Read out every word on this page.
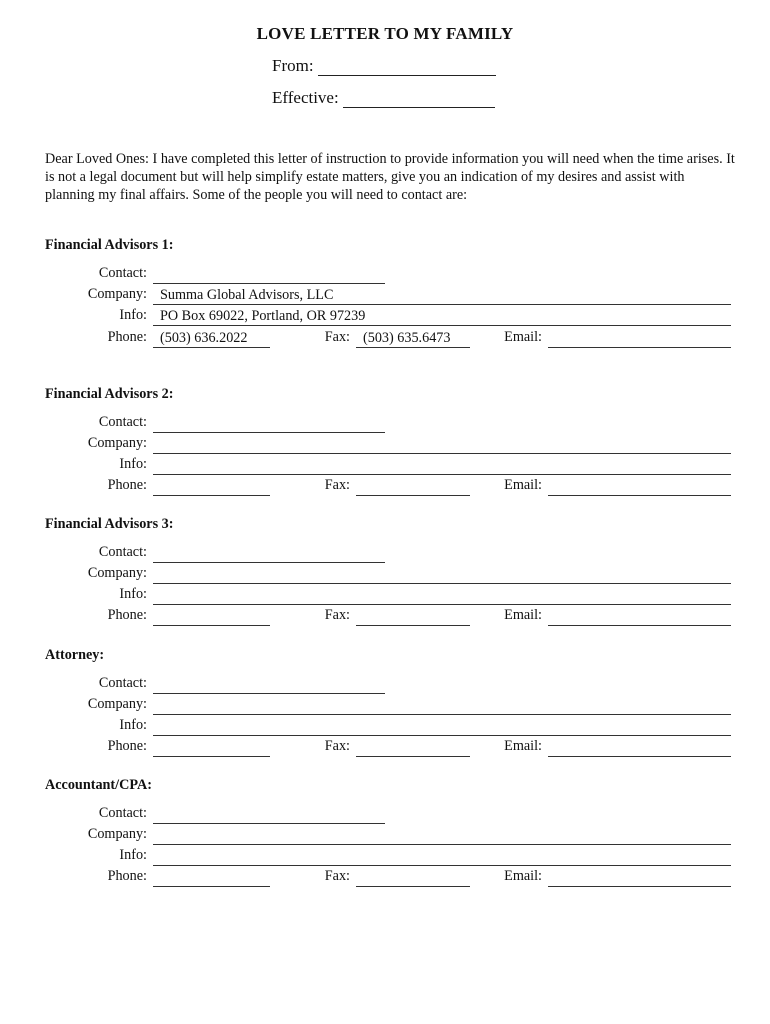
LOVE LETTER TO MY FAMILY
From:
Effective:
Dear Loved Ones: I have completed this letter of instruction to provide information you will need when the time arises. It is not a legal document but will help simplify estate matters, give you an indication of my desires and assist with planning my final affairs. Some of the people you will need to contact are:
Financial Advisors 1:
Contact:
Company: Summa Global Advisors, LLC
Info: PO Box 69022, Portland, OR 97239
Phone: (503) 636.2022	Fax: (503) 635.6473	Email:
Financial Advisors 2:
Contact:
Company:
Info:
Phone:	Fax:	Email:
Financial Advisors 3:
Contact:
Company:
Info:
Phone:	Fax:	Email:
Attorney:
Contact:
Company:
Info:
Phone:	Fax:	Email:
Accountant/CPA:
Contact:
Company:
Info:
Phone:	Fax:	Email:
